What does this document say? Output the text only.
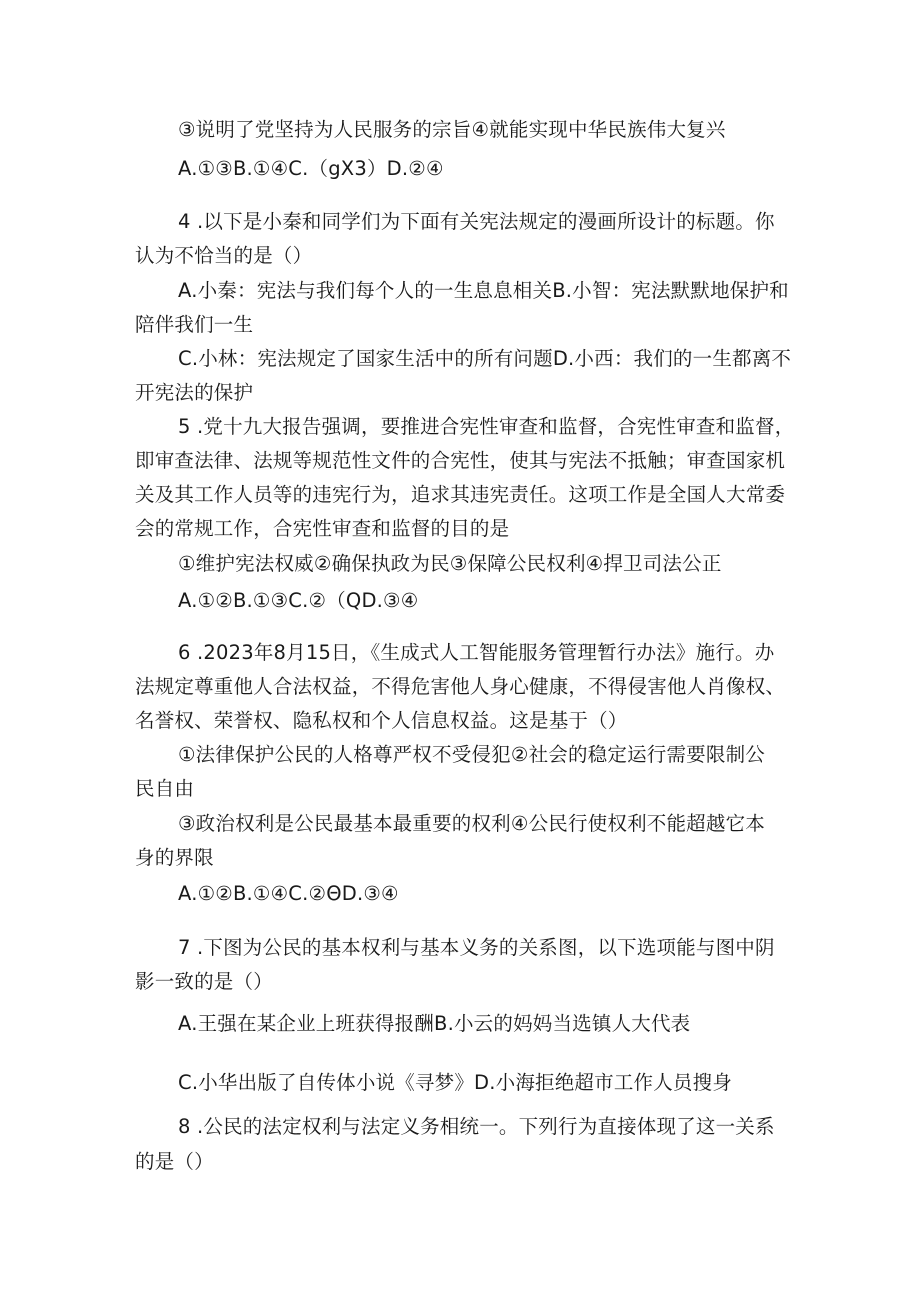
③说明了党坚持为人民服务的宗旨④就能实现中华民族伟大复兴
A.①③B.①④C.（gX3）D.②④
4 .以下是小秦和同学们为下面有关宪法规定的漫画所设计的标题。你
认为不恰当的是（）
A.小秦：宪法与我们每个人的一生息息相关B.小智：宪法默默地保护和
陪伴我们一生
C.小林：宪法规定了国家生活中的所有问题D.小西：我们的一生都离不
开宪法的保护
5 .党十九大报告强调，要推进合宪性审查和监督，合宪性审查和监督，
即审查法律、法规等规范性文件的合宪性，使其与宪法不抵触；审查国家机
关及其工作人员等的违宪行为，追求其违宪责任。这项工作是全国人大常委
会的常规工作，合宪性审查和监督的目的是
①维护宪法权威②确保执政为民③保障公民权利④捍卫司法公正
A.①②B.①③C.②（QD.③④
6 .2023年8月15日，《生成式人工智能服务管理暂行办法》施行。办
法规定尊重他人合法权益，不得危害他人身心健康，不得侵害他人肖像权、
名誉权、荣誉权、隐私权和个人信息权益。这是基于（）
①法律保护公民的人格尊严权不受侵犯②社会的稳定运行需要限制公
民自由
③政治权利是公民最基本最重要的权利④公民行使权利不能超越它本
身的界限
A.①②B.①④C.②ΘD.③④
7 .下图为公民的基本权利与基本义务的关系图，以下选项能与图中阴
影一致的是（）
A.王强在某企业上班获得报酬B.小云的妈妈当选镇人大代表
C.小华出版了自传体小说《寻梦》D.小海拒绝超市工作人员搜身
8 .公民的法定权利与法定义务相统一。下列行为直接体现了这一关系
的是（）
